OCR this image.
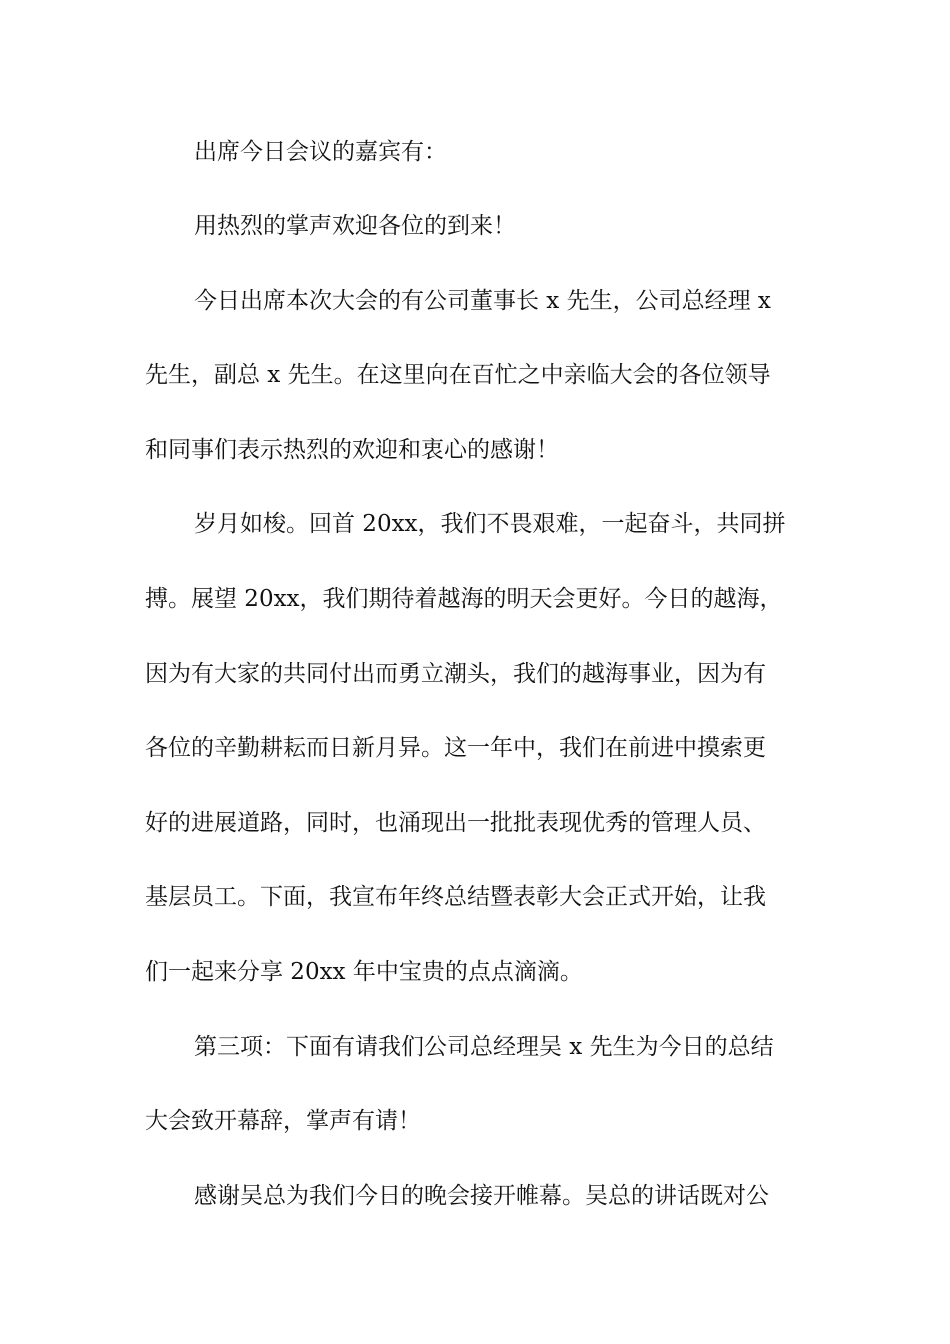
出席今日会议的嘉宾有：
用热烈的掌声欢迎各位的到来！
今日出席本次大会的有公司董事长 x 先生，公司总经理 x
先生，副总 x 先生。在这里向在百忙之中亲临大会的各位领导
和同事们表示热烈的欢迎和衷心的感谢！
岁月如梭。回首 20xx，我们不畏艰难，一起奋斗，共同拼
搏。展望 20xx，我们期待着越海的明天会更好。今日的越海，
因为有大家的共同付出而勇立潮头，我们的越海事业，因为有
各位的辛勤耕耘而日新月异。这一年中，我们在前进中摸索更
好的进展道路，同时，也涌现出一批批表现优秀的管理人员、
基层员工。下面，我宣布年终总结暨表彰大会正式开始，让我
们一起来分享 20xx 年中宝贵的点点滴滴。
第三项：下面有请我们公司总经理吴 x 先生为今日的总结
大会致开幕辞，掌声有请！
感谢吴总为我们今日的晚会接开帷幕。吴总的讲话既对公
